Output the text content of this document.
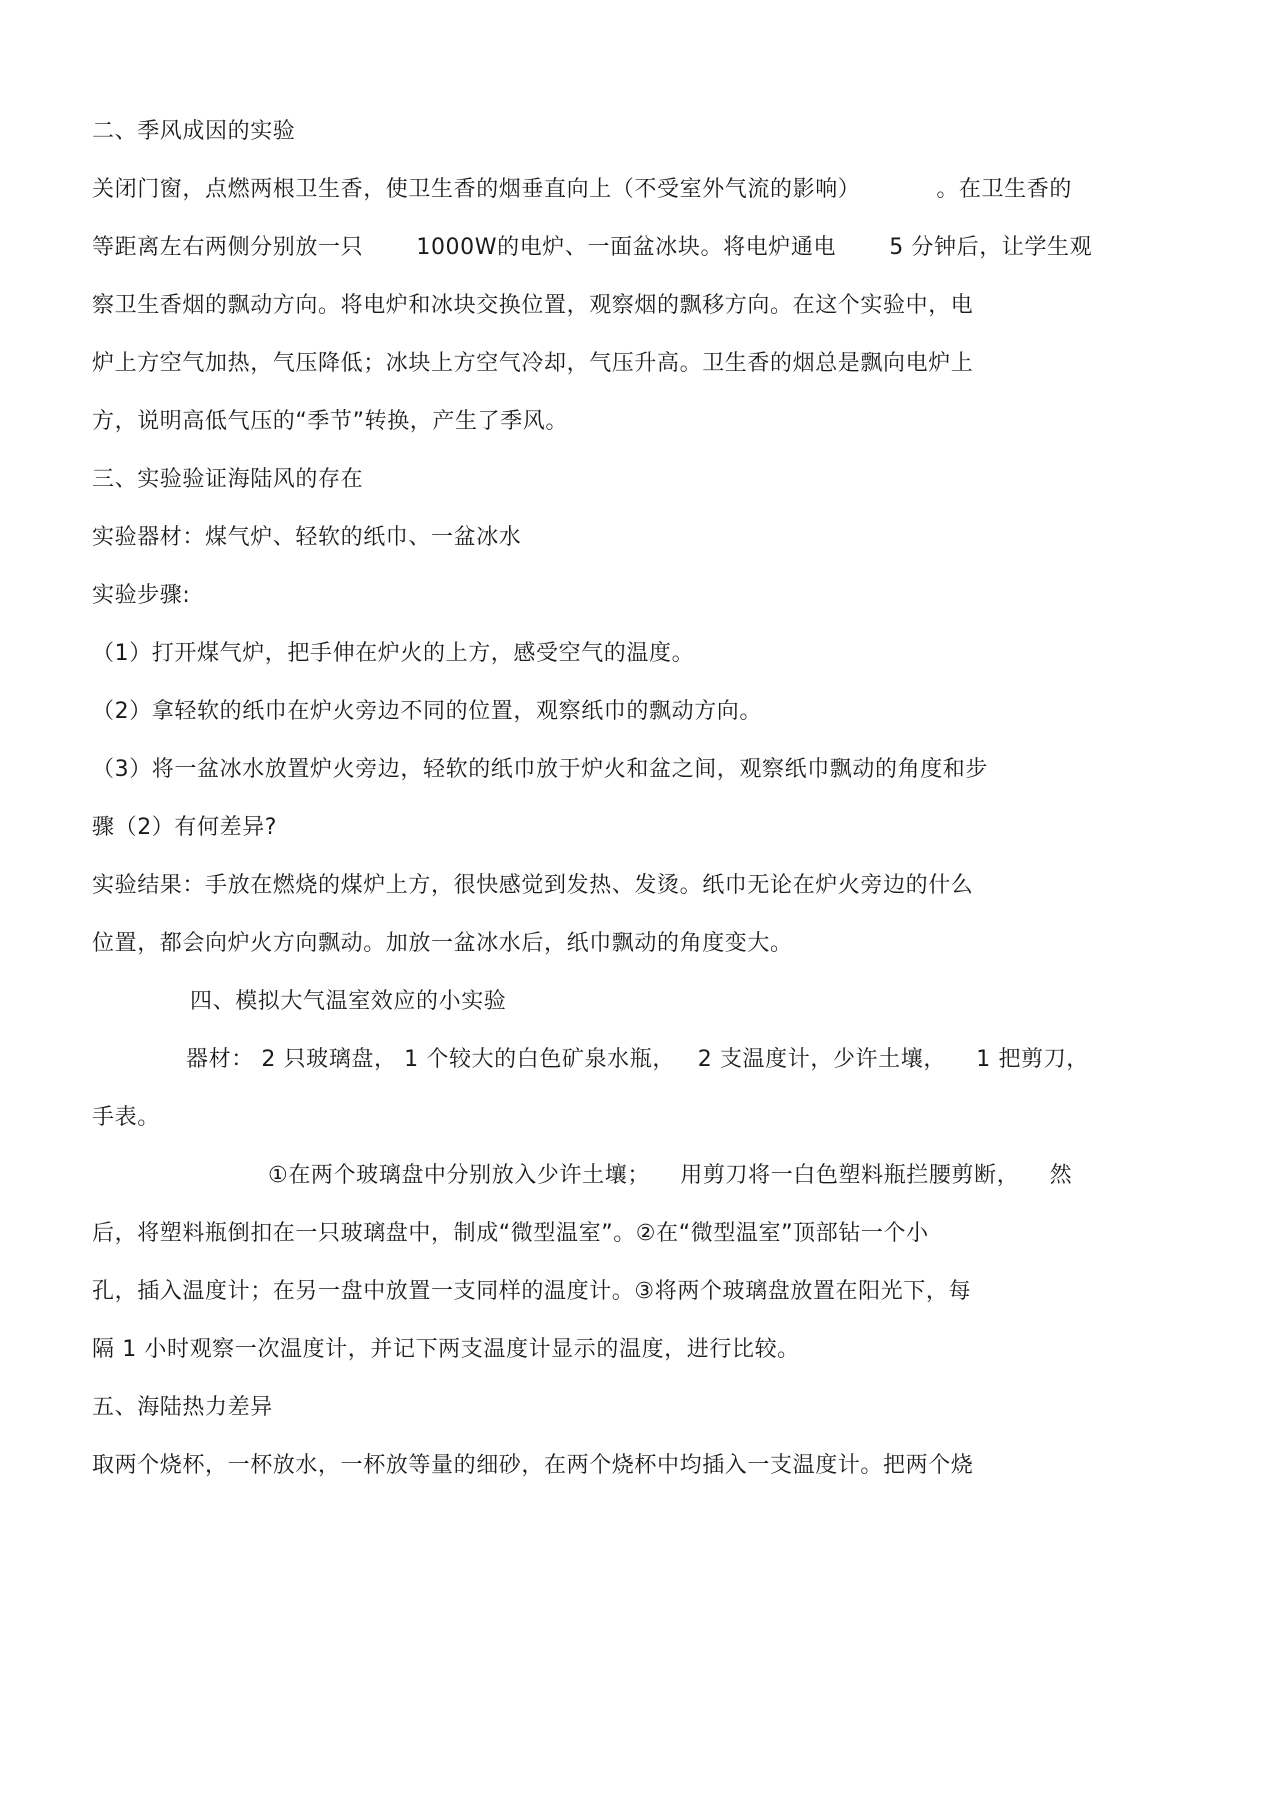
二、季风成因的实验
关闭门窗，点燃两根卫生香，使卫生香的烟垂直向上（不受室外气流的影响）          。在卫生香的
等距离左右两侧分别放一只       1000W的电炉、一面盆冰块。将电炉通电       5 分钟后，让学生观
察卫生香烟的飘动方向。将电炉和冰块交换位置，观察烟的飘移方向。在这个实验中，电
炉上方空气加热，气压降低；冰块上方空气冷却，气压升高。卫生香的烟总是飘向电炉上
方，说明高低气压的“季节”转换，产生了季风。
三、实验验证海陆风的存在
实验器材：煤气炉、轻软的纸巾、一盆冰水
实验步骤:
（1）打开煤气炉，把手伸在炉火的上方，感受空气的温度。
（2）拿轻软的纸巾在炉火旁边不同的位置，观察纸巾的飘动方向。
（3）将一盆冰水放置炉火旁边，轻软的纸巾放于炉火和盆之间，观察纸巾飘动的角度和步
骤（2）有何差异?
实验结果：手放在燃烧的煤炉上方，很快感觉到发热、发烫。纸巾无论在炉火旁边的什么
位置，都会向炉火方向飘动。加放一盆冰水后，纸巾飘动的角度变大。
四、模拟大气温室效应的小实验
器材： 2 只玻璃盘， 1 个较大的白色矿泉水瓶，   2 支温度计，少许土壤，    1 把剪刀，
手表。
①在两个玻璃盘中分别放入少许土壤；    用剪刀将一白色塑料瓶拦腰剪断，    然
后，将塑料瓶倒扣在一只玻璃盘中，制成“微型温室”。②在“微型温室”顶部钻一个小
孔，插入温度计；在另一盘中放置一支同样的温度计。③将两个玻璃盘放置在阳光下，每
隔 1 小时观察一次温度计，并记下两支温度计显示的温度，进行比较。
五、海陆热力差异
取两个烧杯，一杯放水，一杯放等量的细砂，在两个烧杯中均插入一支温度计。把两个烧
